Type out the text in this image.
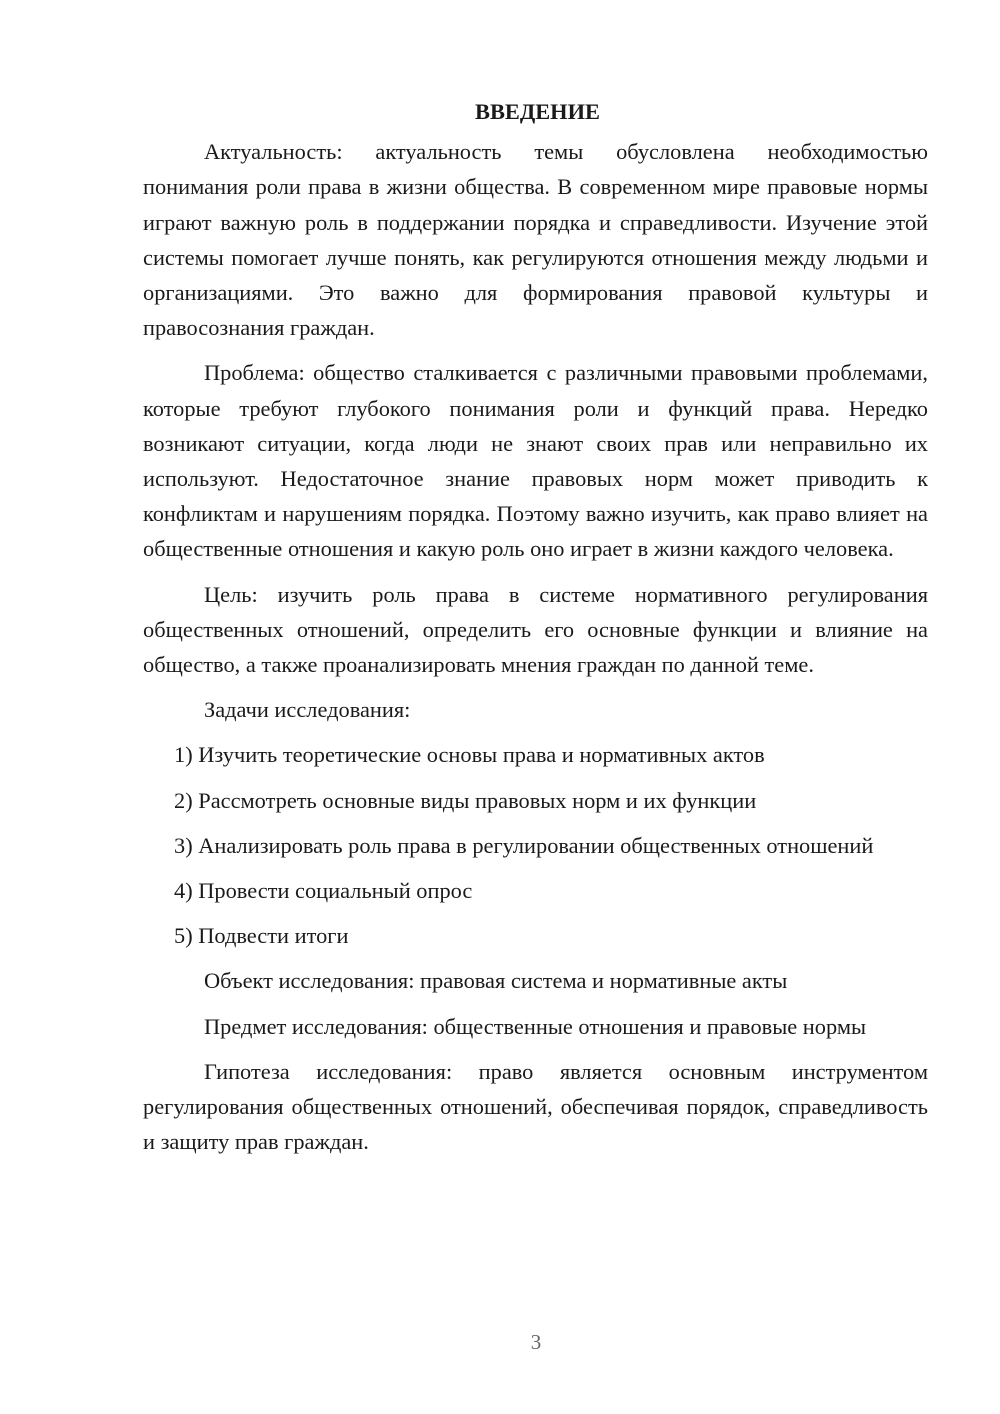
ВВЕДЕНИЕ

Актуальность: актуальность темы обусловлена необходимостью понимания роли права в жизни общества. В современном мире правовые нормы играют важную роль в поддержании порядка и справедливости. Изучение этой системы помогает лучше понять, как регулируются отношения между людьми и организациями. Это важно для формирования правовой культуры и правосознания граждан.

Проблема: общество сталкивается с различными правовыми проблемами, которые требуют глубокого понимания роли и функций права. Нередко возникают ситуации, когда люди не знают своих прав или неправильно их используют. Недостаточное знание правовых норм может приводить к конфликтам и нарушениям порядка. Поэтому важно изучить, как право влияет на общественные отношения и какую роль оно играет в жизни каждого человека.

Цель: изучить роль права в системе нормативного регулирования общественных отношений, определить его основные функции и влияние на общество, а также проанализировать мнения граждан по данной теме.

Задачи исследования:

1) Изучить теоретические основы права и нормативных актов

2) Рассмотреть основные виды правовых норм и их функции

3) Анализировать роль права в регулировании общественных отношений

4) Провести социальный опрос

5) Подвести итоги

Объект исследования: правовая система и нормативные акты

Предмет исследования: общественные отношения и правовые нормы

Гипотеза исследования: право является основным инструментом регулирования общественных отношений, обеспечивая порядок, справедливость и защиту прав граждан.

3
